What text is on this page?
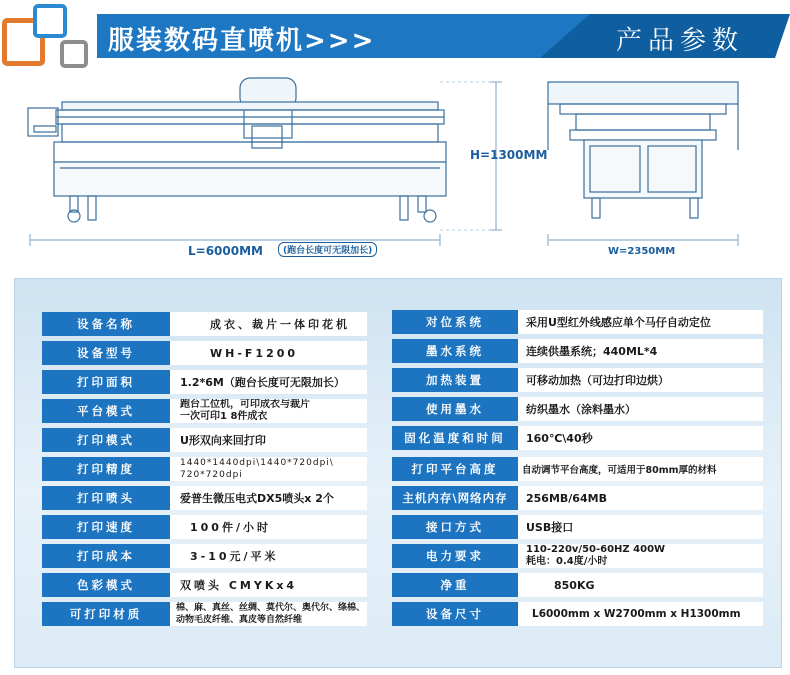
服装数码直喷机>>>	产品参数
L=6000MM	(跑台长度可无限加长)
H=1300MM
W=2350MM
设备名称	成衣、裁片一体印花机
设备型号	WH-F1200
打印面积	1.2*6M（跑台长度可无限加长）
平台模式	跑台工位机，可印成衣与裁片
一次可印1 8件成衣
打印模式	U形双向来回打印
打印精度	1440*1440dpi\1440*720dpi\
720*720dpi
打印喷头	爱普生微压电式DX5喷头x 2个
打印速度	100件/小时
打印成本	3-10元/平米
色彩模式	双喷头 CMYKx4
可打印材质	棉、麻、真丝、丝绸、莫代尔、奥代尔、绦棉、
动物毛皮纤维、真皮等自然纤维
对位系统	采用U型红外线感应单个马仔自动定位
墨水系统	连续供墨系统；440ML*4
加热装置	可移动加热（可边打印边烘）
使用墨水	纺织墨水（涂料墨水）
固化温度和时间	160℃\40秒
打印平台高度	自动调节平台高度，可适用于80mm厚的材料
主机内存\网络内存	256MB/64MB
接口方式	USB接口
电力要求	110-220v/50-60HZ 400W
耗电：0.4度/小时
净重	850KG
设备尺寸	L6000mm x W2700mm x H1300mm
